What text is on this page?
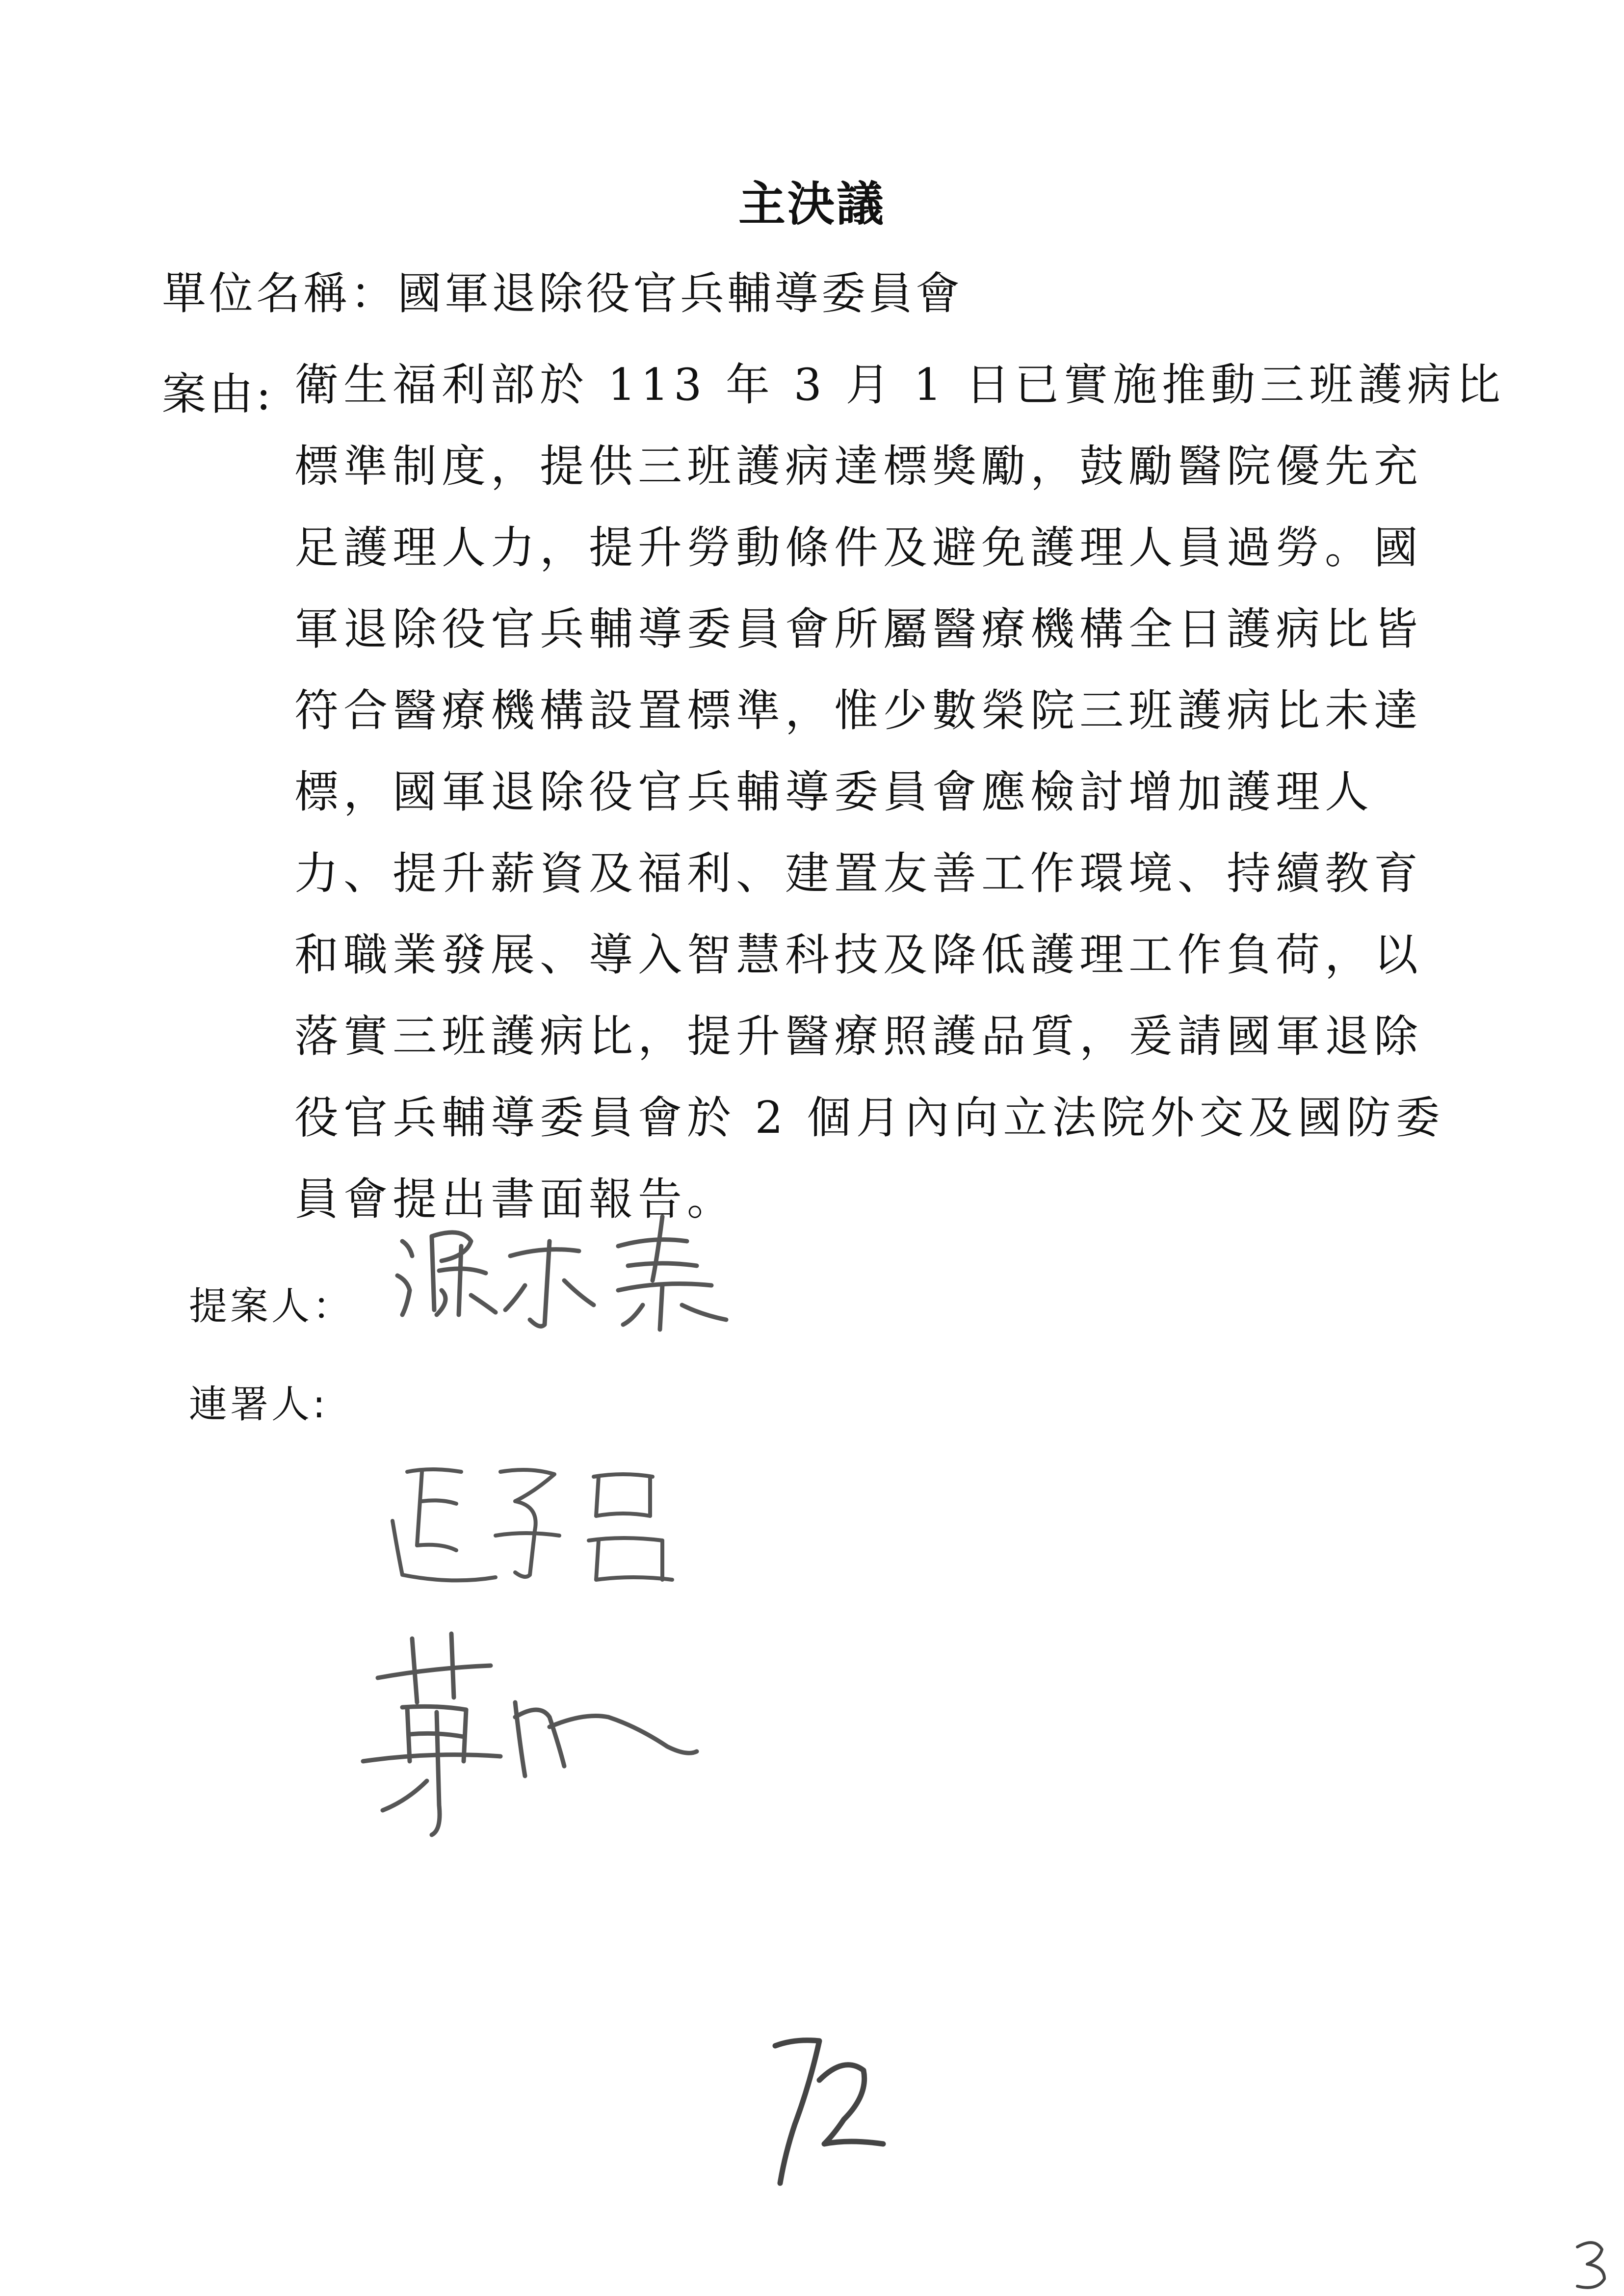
主決議
單位名稱：國軍退除役官兵輔導委員會
案由: 衛生福利部於 113 年 3 月 1 日已實施推動三班護病比
標準制度，提供三班護病達標獎勵，鼓勵醫院優先充
足護理人力，提升勞動條件及避免護理人員過勞。國
軍退除役官兵輔導委員會所屬醫療機構全日護病比皆
符合醫療機構設置標準，惟少數榮院三班護病比未達
標，國軍退除役官兵輔導委員會應檢討增加護理人
力、提升薪資及福利、建置友善工作環境、持續教育
和職業發展、導入智慧科技及降低護理工作負荷，以
落實三班護病比，提升醫療照護品質，爰請國軍退除
役官兵輔導委員會於 2 個月內向立法院外交及國防委
員會提出書面報告。
提案人：
連署人:
